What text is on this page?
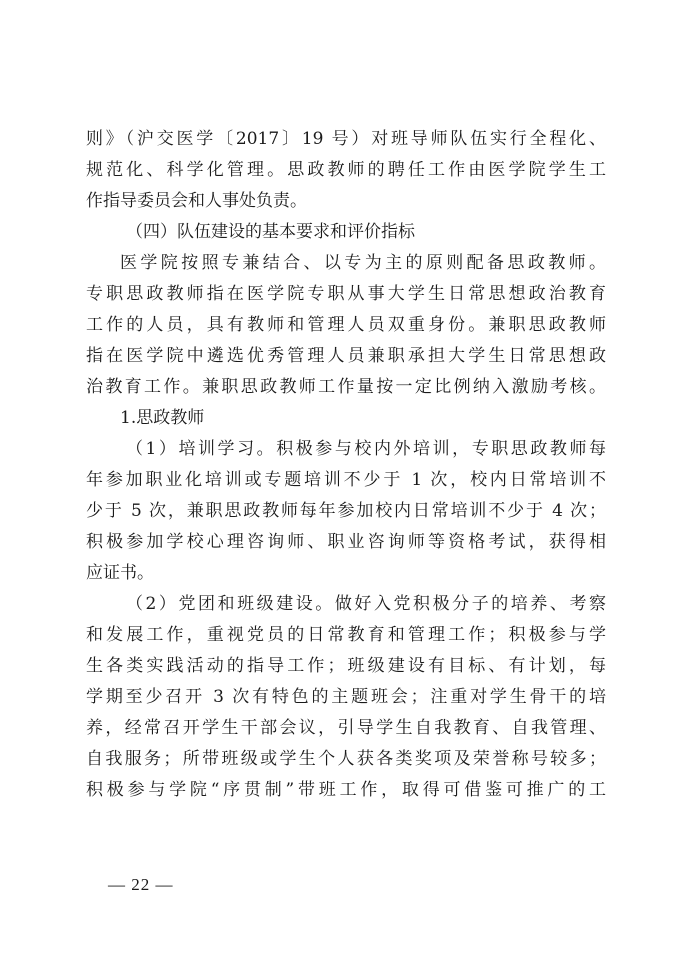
则》（沪交医学〔2017〕19 号）对班导师队伍实行全程化、
规范化、科学化管理。思政教师的聘任工作由医学院学生工
作指导委员会和人事处负责。
（四）队伍建设的基本要求和评价指标
医学院按照专兼结合、以专为主的原则配备思政教师。
专职思政教师指在医学院专职从事大学生日常思想政治教育
工作的人员，具有教师和管理人员双重身份。兼职思政教师
指在医学院中遴选优秀管理人员兼职承担大学生日常思想政
治教育工作。兼职思政教师工作量按一定比例纳入激励考核。
1.思政教师
（1）培训学习。积极参与校内外培训，专职思政教师每
年参加职业化培训或专题培训不少于 1 次，校内日常培训不
少于 5 次，兼职思政教师每年参加校内日常培训不少于 4 次；
积极参加学校心理咨询师、职业咨询师等资格考试，获得相
应证书。
（2）党团和班级建设。做好入党积极分子的培养、考察
和发展工作，重视党员的日常教育和管理工作；积极参与学
生各类实践活动的指导工作；班级建设有目标、有计划，每
学期至少召开 3 次有特色的主题班会；注重对学生骨干的培
养，经常召开学生干部会议，引导学生自我教育、自我管理、
自我服务；所带班级或学生个人获各类奖项及荣誉称号较多；
积极参与学院“序贯制”带班工作，取得可借鉴可推广的工
— 22 —
